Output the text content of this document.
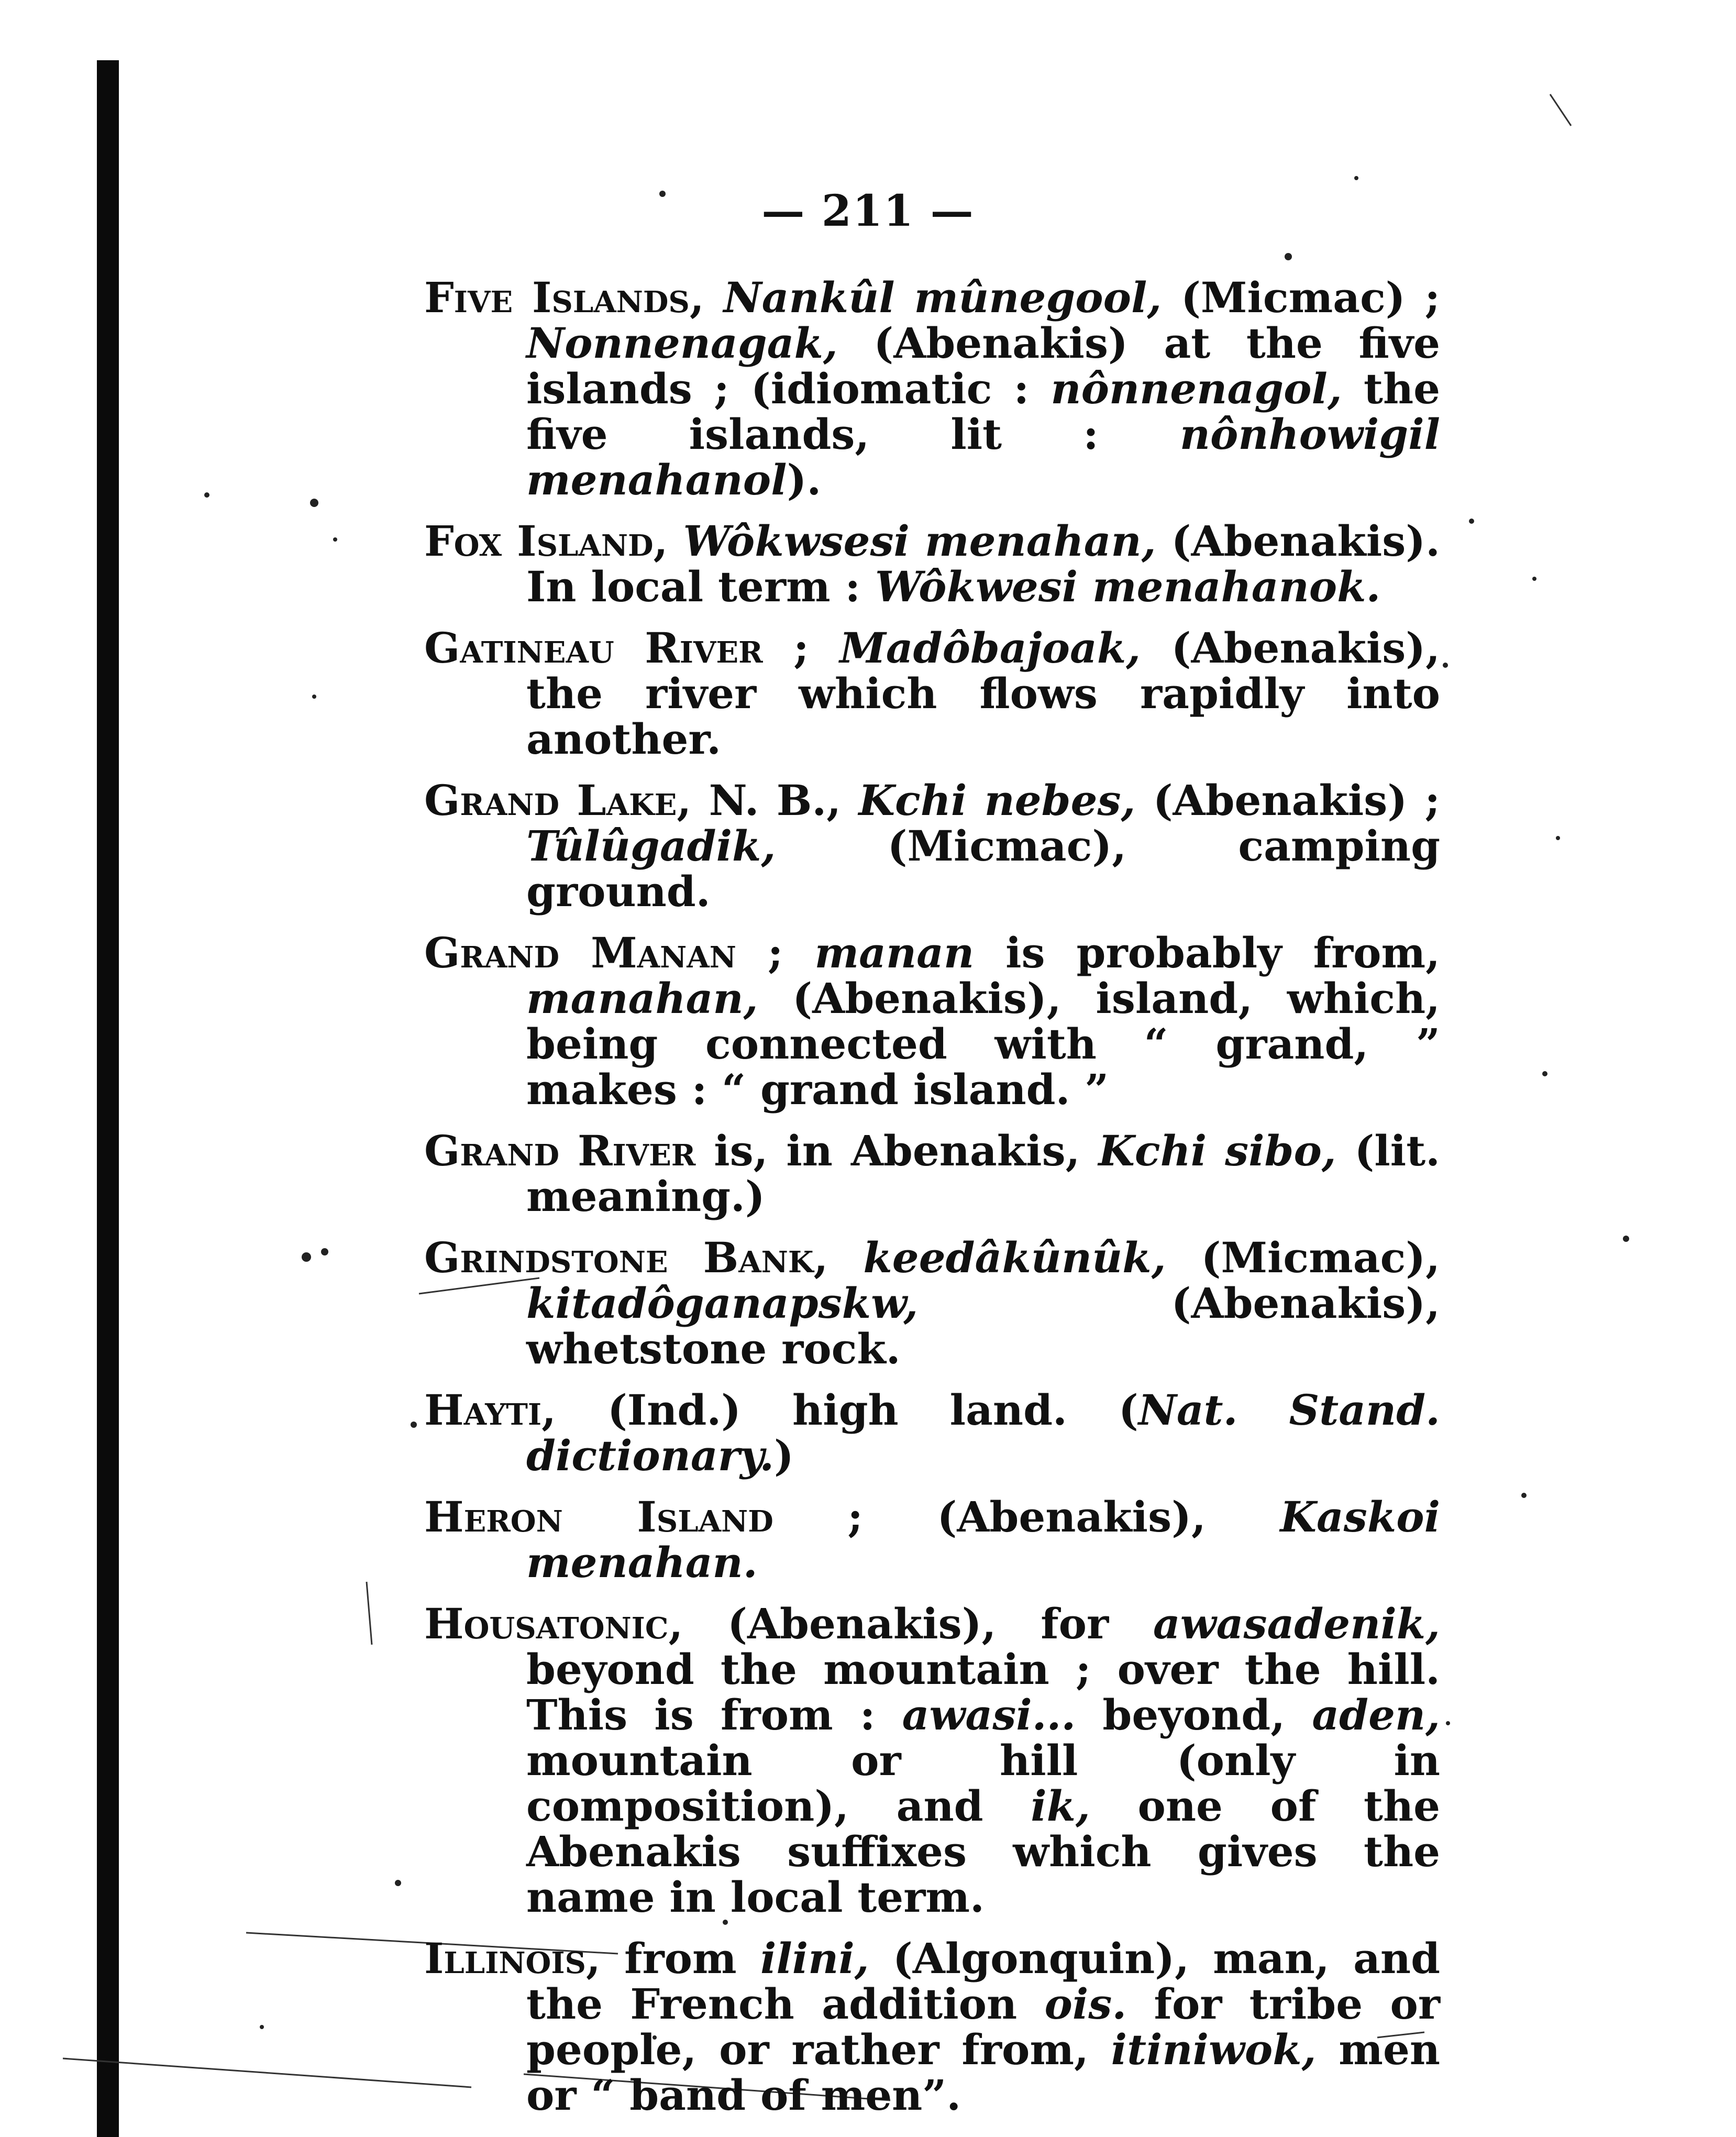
— 211 —

Five Islands, Nankûl mûnegool, (Micmac) ; Nonnenagak, (Abenakis) at the five islands ; (idiomatic : nônnenagol, the five islands, lit : nônhowigil menahanol).

Fox Island, Wôkwsesi menahan, (Abenakis). In local term : Wôkwesi menahanok.

Gatineau River ; Madôbajoak, (Abenakis), the river which flows rapidly into another.

Grand Lake, N. B., Kchi nebes, (Abenakis) ; Tûlûgadik, (Micmac), camping ground.

Grand Manan ; manan is probably from, manahan, (Abenakis), island, which, being connected with “ grand, ” makes : “ grand island. ”

Grand River is, in Abenakis, Kchi sibo, (lit. meaning.)

Grindstone Bank, keedâkûnûk, (Micmac), kitadôganapskw, (Abenakis), whetstone rock.

Hayti, (Ind.) high land. (Nat. Stand. dictionary.)

Heron Island ; (Abenakis), Kaskoi menahan.

Housatonic, (Abenakis), for awasadenik, beyond the mountain ; over the hill. This is from : awasi... beyond, aden, mountain or hill (only in composition), and ik, one of the Abenakis suffixes which gives the name in local term.

Illinois, from ilini, (Algonquin), man, and the French addition ois. for tribe or people, or rather from, itiniwok, men or “ band of men”.
